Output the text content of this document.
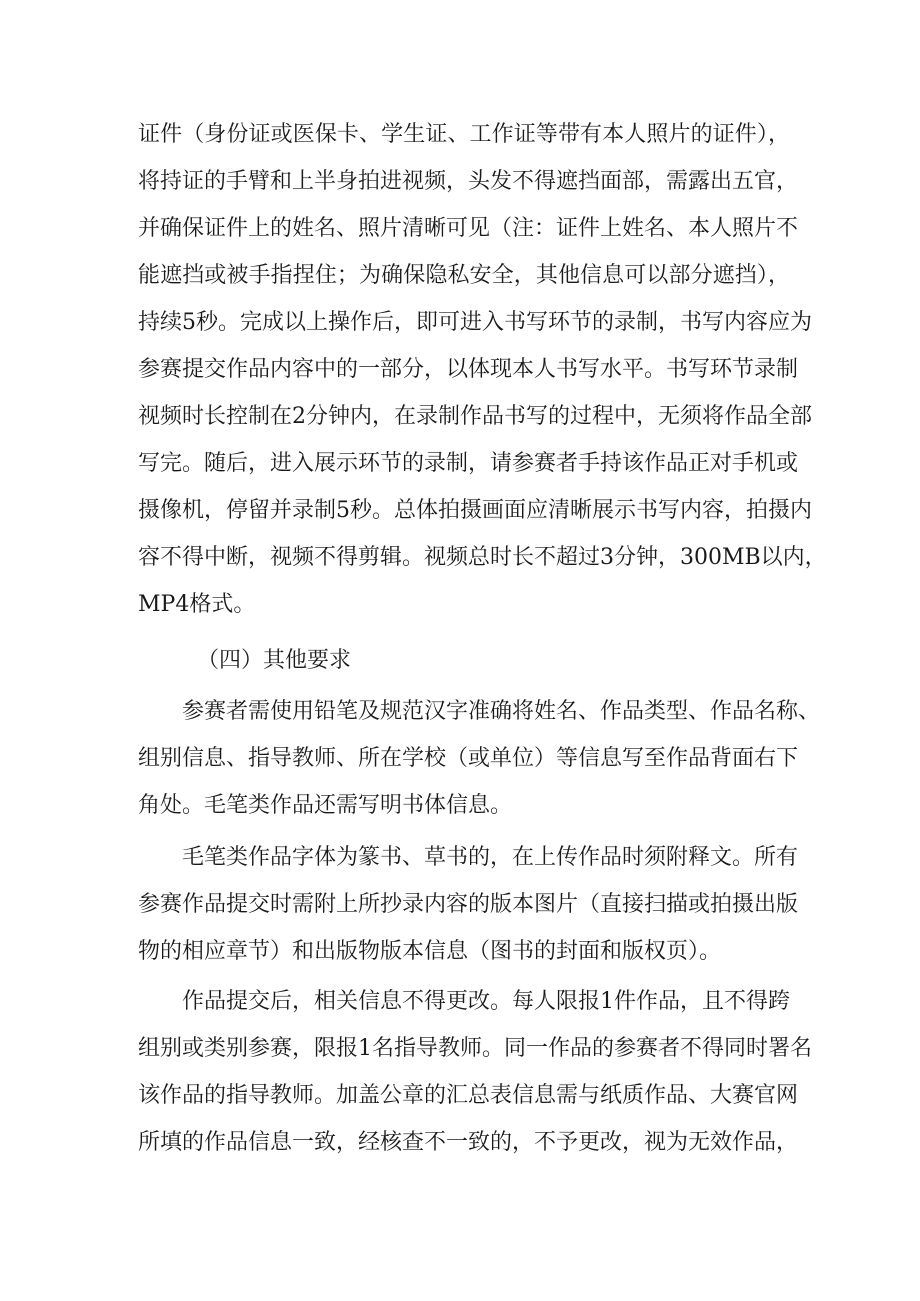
证件（身份证或医保卡、学生证、工作证等带有本人照片的证件），
将持证的手臂和上半身拍进视频，头发不得遮挡面部，需露出五官，
并确保证件上的姓名、照片清晰可见（注：证件上姓名、本人照片不
能遮挡或被手指捏住；为确保隐私安全，其他信息可以部分遮挡），
持续5秒。完成以上操作后，即可进入书写环节的录制，书写内容应为
参赛提交作品内容中的一部分，以体现本人书写水平。书写环节录制
视频时长控制在2分钟内，在录制作品书写的过程中，无须将作品全部
写完。随后，进入展示环节的录制，请参赛者手持该作品正对手机或
摄像机，停留并录制5秒。总体拍摄画面应清晰展示书写内容，拍摄内
容不得中断，视频不得剪辑。视频总时长不超过3分钟，300MB以内，
MP4格式。
（四）其他要求
参赛者需使用铅笔及规范汉字准确将姓名、作品类型、作品名称、
组别信息、指导教师、所在学校（或单位）等信息写至作品背面右下
角处。毛笔类作品还需写明书体信息。
毛笔类作品字体为篆书、草书的，在上传作品时须附释文。所有
参赛作品提交时需附上所抄录内容的版本图片（直接扫描或拍摄出版
物的相应章节）和出版物版本信息（图书的封面和版权页）。
作品提交后，相关信息不得更改。每人限报1件作品，且不得跨
组别或类别参赛，限报1名指导教师。同一作品的参赛者不得同时署名
该作品的指导教师。加盖公章的汇总表信息需与纸质作品、大赛官网
所填的作品信息一致，经核查不一致的，不予更改，视为无效作品，
